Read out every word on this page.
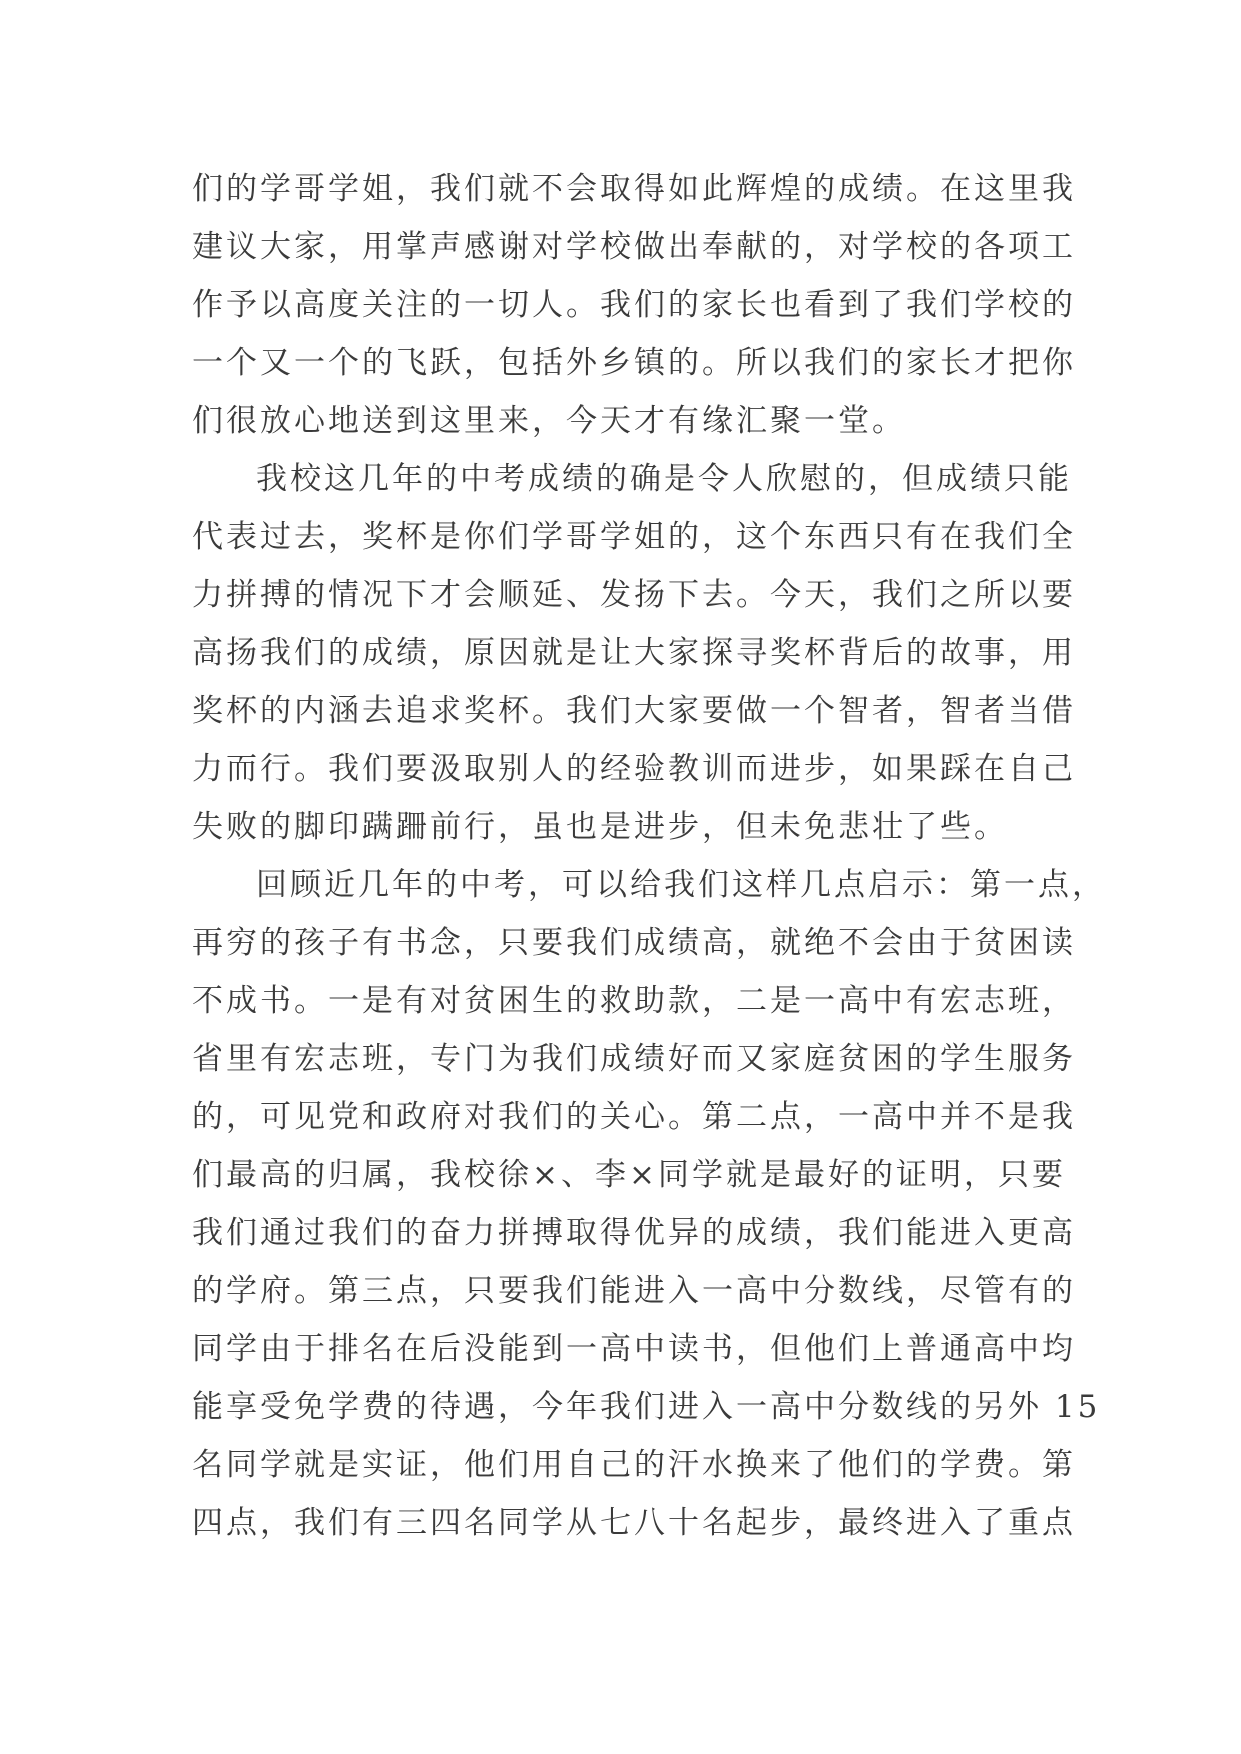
们的学哥学姐，我们就不会取得如此辉煌的成绩。在这里我
建议大家，用掌声感谢对学校做出奉献的，对学校的各项工
作予以高度关注的一切人。我们的家长也看到了我们学校的
一个又一个的飞跃，包括外乡镇的。所以我们的家长才把你
们很放心地送到这里来，今天才有缘汇聚一堂。
我校这几年的中考成绩的确是令人欣慰的，但成绩只能
代表过去，奖杯是你们学哥学姐的，这个东西只有在我们全
力拼搏的情况下才会顺延、发扬下去。今天，我们之所以要
高扬我们的成绩，原因就是让大家探寻奖杯背后的故事，用
奖杯的内涵去追求奖杯。我们大家要做一个智者，智者当借
力而行。我们要汲取别人的经验教训而进步，如果踩在自己
失败的脚印蹒跚前行，虽也是进步，但未免悲壮了些。
回顾近几年的中考，可以给我们这样几点启示：第一点，
再穷的孩子有书念，只要我们成绩高，就绝不会由于贫困读
不成书。一是有对贫困生的救助款，二是一高中有宏志班，
省里有宏志班，专门为我们成绩好而又家庭贫困的学生服务
的，可见党和政府对我们的关心。第二点，一高中并不是我
们最高的归属，我校徐×、李×同学就是最好的证明，只要
我们通过我们的奋力拼搏取得优异的成绩，我们能进入更高
的学府。第三点，只要我们能进入一高中分数线，尽管有的
同学由于排名在后没能到一高中读书，但他们上普通高中均
能享受免学费的待遇，今年我们进入一高中分数线的另外 15
名同学就是实证，他们用自己的汗水换来了他们的学费。第
四点，我们有三四名同学从七八十名起步，最终进入了重点
